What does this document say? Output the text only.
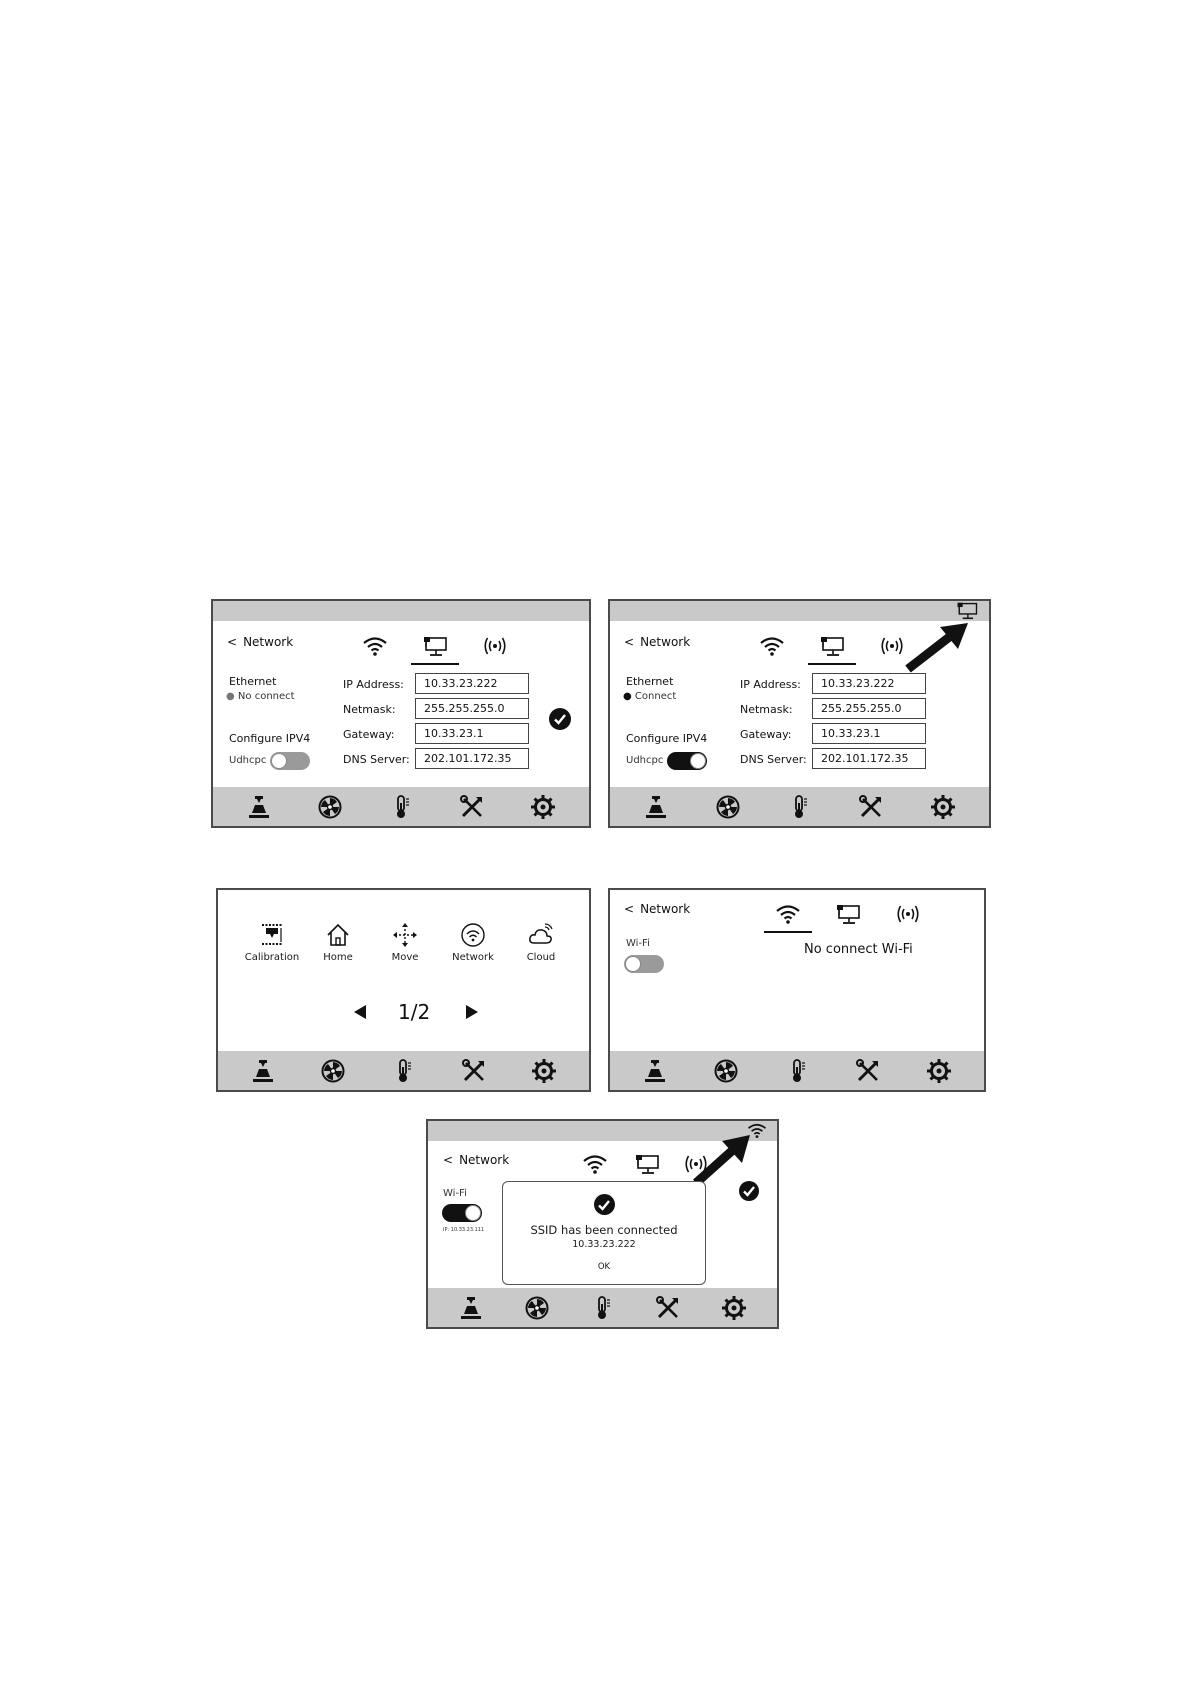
< Network
Ethernet
● No connect
Configure IPV4
Udhcpc
IP Address:	10.33.23.222
Netmask:	255.255.255.0
Gateway:	10.33.23.1
DNS Server:	202.101.172.35
< Network
Ethernet
● Connect
Configure IPV4
Udhcpc
IP Address:	10.33.23.222
Netmask:	255.255.255.0
Gateway:	10.33.23.1
DNS Server:	202.101.172.35
Calibration	Home	Move	Network	Cloud
1/2
< Network
Wi-Fi	No connect Wi-Fi
< Network
Wi-Fi
IP: 10.33.23.111	SSID has been connected
10.33.23.222
OK
